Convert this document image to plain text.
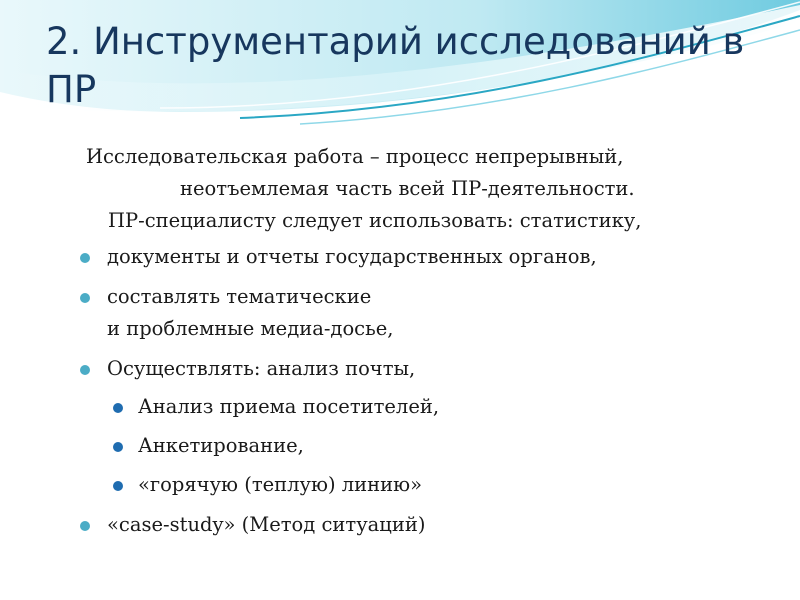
2. Инструментарий исследований в ПР
Исследовательская работа – процесс непрерывный,
неотъемлемая часть всей ПР-деятельности.
ПР-специалисту следует использовать: статистику,
документы и отчеты государственных органов,
составлять тематические
и проблемные медиа-досье,
Осуществлять: анализ почты,
Анализ приема посетителей,
Анкетирование,
«горячую (теплую) линию»
«case-study» (Метод ситуаций)
